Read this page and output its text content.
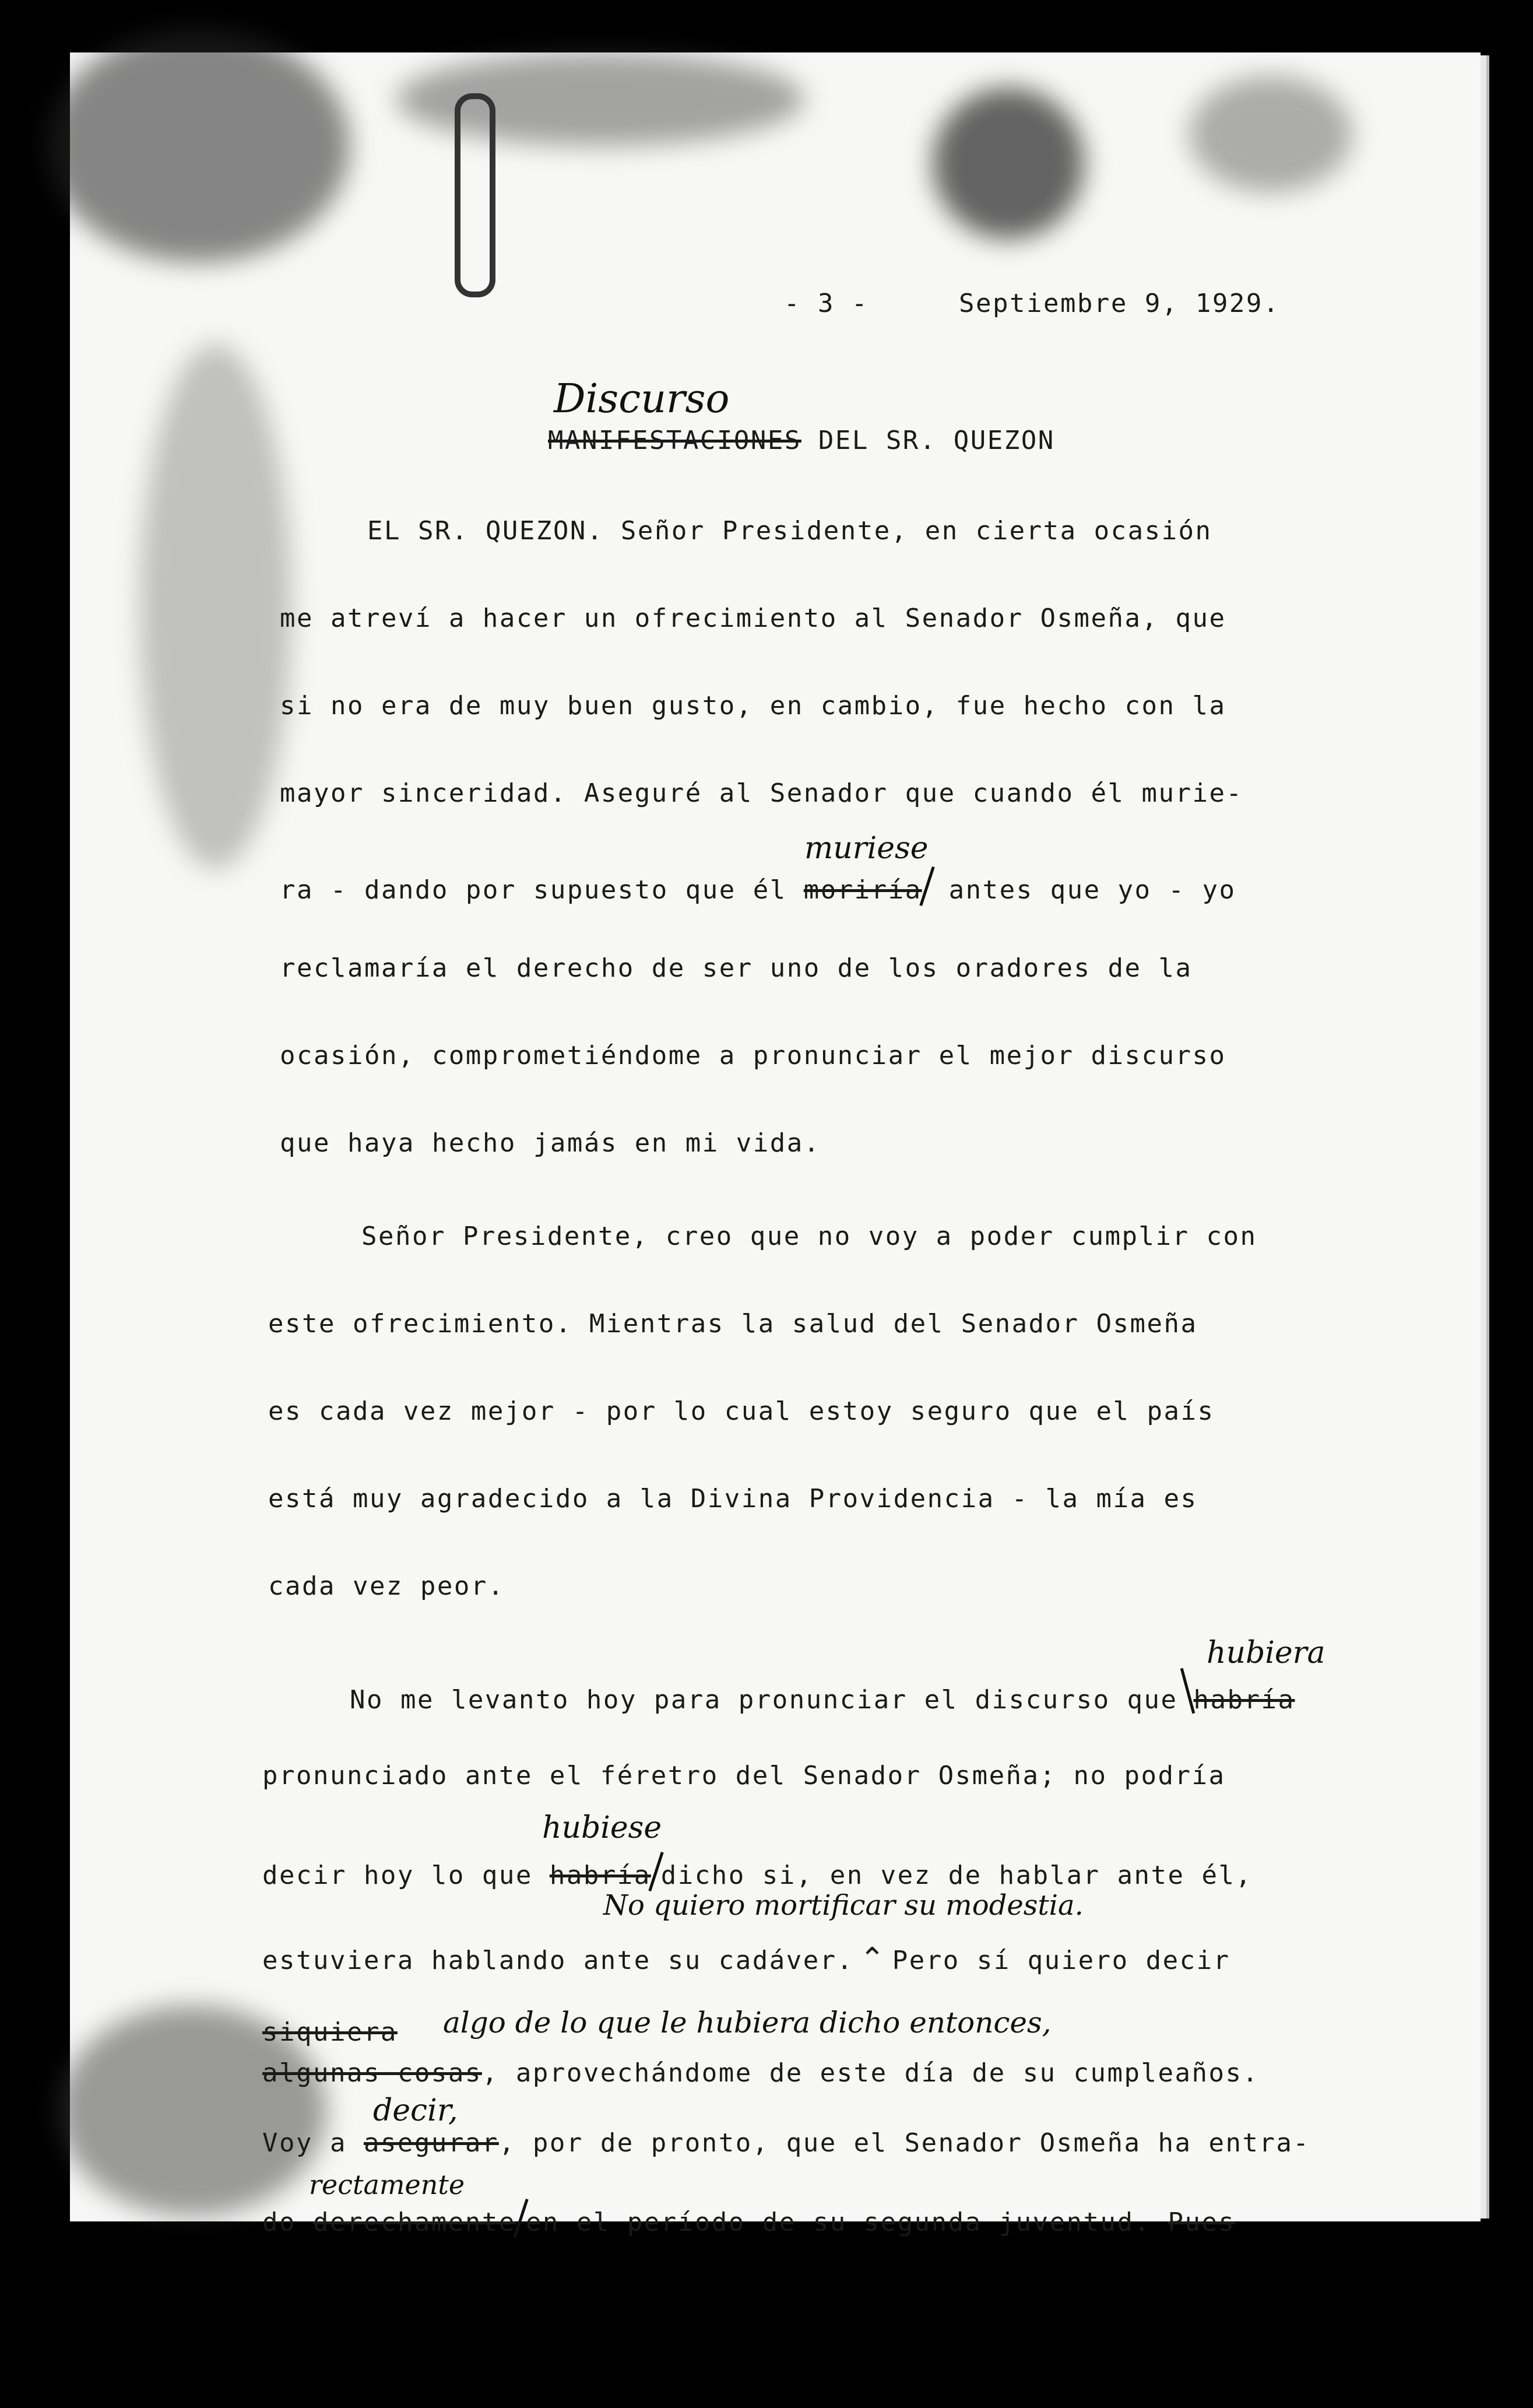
- 3 -	Septiembre 9, 1929.
Discurso
MANIFESTACIONES DEL SR. QUEZON
EL SR. QUEZON. Señor Presidente, en cierta ocasión
me atreví a hacer un ofrecimiento al Senador Osmeña, que
si no era de muy buen gusto, en cambio, fue hecho con la
mayor sinceridad. Aseguré al Senador que cuando él murie-
muriese
ra - dando por supuesto que él moriría antes que yo - yo
reclamaría el derecho de ser uno de los oradores de la
ocasión, comprometiéndome a pronunciar el mejor discurso
que haya hecho jamás en mi vida.
Señor Presidente, creo que no voy a poder cumplir con
este ofrecimiento. Mientras la salud del Senador Osmeña
es cada vez mejor - por lo cual estoy seguro que el país
está muy agradecido a la Divina Providencia - la mía es
cada vez peor.
hubiera
No me levanto hoy para pronunciar el discurso que habría
pronunciado ante el féretro del Senador Osmeña; no podría
hubiese
decir hoy lo que habría dicho si, en vez de hablar ante él,
No quiero mortificar su modestia.
estuviera hablando ante su cadáver. ⌃ Pero sí quiero decir
siquiera algo de lo que le hubiera dicho entonces,
algunas cosas, aprovechándome de este día de su cumpleaños.
decir,
Voy a asegurar, por de pronto, que el Senador Osmeña ha entra-
rectamente
do derechamente en el período de su segunda juventud. Pues
